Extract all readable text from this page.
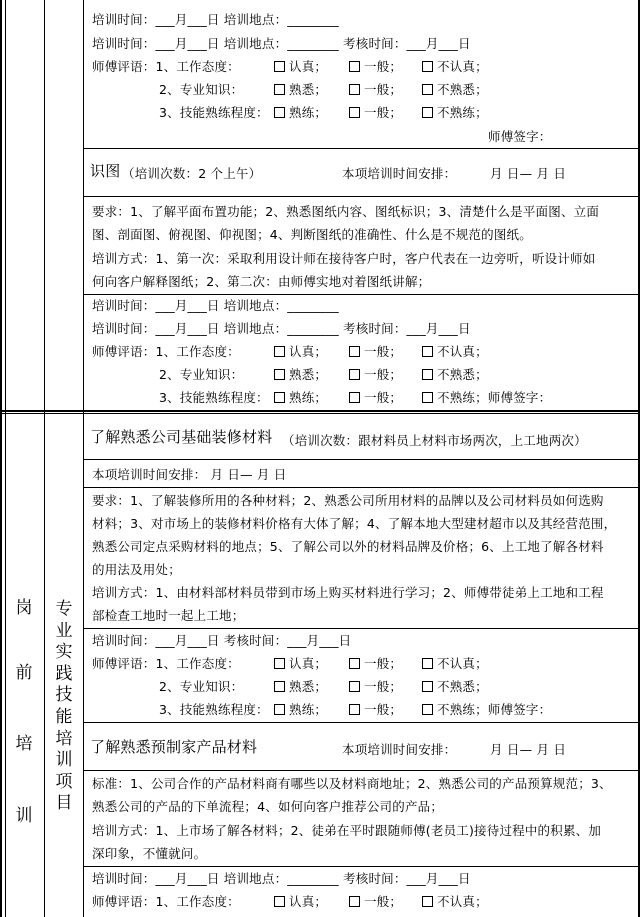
培训时间：___月___日 培训地点：________
培训时间：___月___日 培训地点：________ 考核时间：___月___日
师傅评语：1、工作态度：	认真；	一般；	不认真；
2、专业知识：	熟悉；	一般；	不熟悉；
3、技能熟练程度： 熟练；	一般；	不熟练；
师傅签字：
识图 （培训次数：2 个上午）	本项培训时间安排：	月 日— 月 日
要求：1、了解平面布置功能；2、熟悉图纸内容、图纸标识；3、清楚什么是平面图、立面
图、剖面图、俯视图、仰视图；4、判断图纸的准确性、什么是不规范的图纸。
培训方式：1、第一次：采取利用设计师在接待客户时，客户代表在一边旁听，听设计师如
何向客户解释图纸；2、第二次：由师傅实地对着图纸讲解；
培训时间：___月___日 培训地点：________
培训时间：___月___日 培训地点：________ 考核时间：___月___日
师傅评语：1、工作态度：	认真；	一般；	不认真；
2、专业知识：	熟悉；	一般；	不熟悉；
3、技能熟练程度： 熟练；	一般；	不熟练；师傅签字：
了解熟悉公司基础装修材料 （培训次数：跟材料员上材料市场两次，上工地两次）
本项培训时间安排： 月 日— 月 日
要求：1、了解装修所用的各种材料；2、熟悉公司所用材料的品牌以及公司材料员如何选购
材料；3、对市场上的装修材料价格有大体了解；4、了解本地大型建材超市以及其经营范围，
熟悉公司定点采购材料的地点；5、了解公司以外的材料品牌及价格；6、上工地了解各材料
的用法及用处；
培训方式：1、由材料部材料员带到市场上购买材料进行学习；2、师傅带徒弟上工地和工程
部检查工地时一起上工地；
培训时间：___月___日 考核时间：___月___日
师傅评语：1、工作态度：	认真；	一般；	不认真；
2、专业知识：	熟悉；	一般；	不熟悉；
3、技能熟练程度： 熟练；	一般；	不熟练；师傅签字：
了解熟悉预制家产品材料	本项培训时间安排：	月 日— 月 日
标准：1、公司合作的产品材料商有哪些以及材料商地址；2、熟悉公司的产品预算规范；3、
熟悉公司的产品的下单流程；4、如何向客户推荐公司的产品；
培训方式：1、上市场了解各材料；2、徒弟在平时跟随师傅(老员工)接待过程中的积累、加
深印象，不懂就问。
培训时间：___月___日 培训地点：________ 考核时间：___月___日
师傅评语：1、工作态度：	认真；	一般；	不认真；
岗
前
培
训
专
业
实
践
技
能
培
训
项
目
